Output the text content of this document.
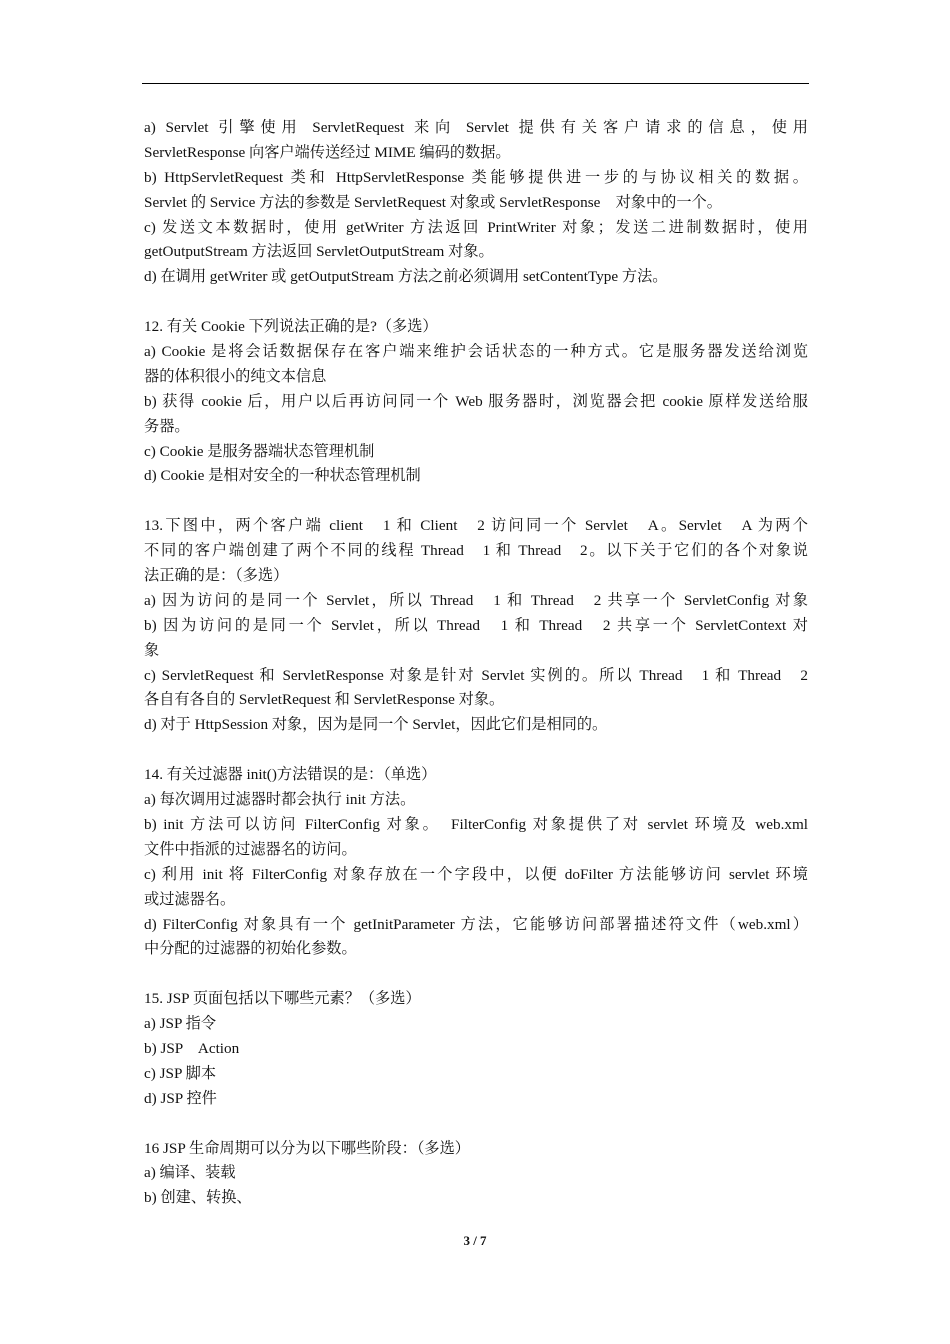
a) Servlet 引擎使用 ServletRequest 来向 Servlet 提供有关客户请求的信息，使用
ServletResponse 向客户端传送经过 MIME 编码的数据。
b) HttpServletRequest 类和 HttpServletResponse 类能够提供进一步的与协议相关的数据。
Servlet 的 Service 方法的参数是 ServletRequest 对象或 ServletResponse　对象中的一个。
c) 发送文本数据时，使用 getWriter 方法返回 PrintWriter 对象；发送二进制数据时，使用
getOutputStream 方法返回 ServletOutputStream 对象。
d) 在调用 getWriter 或 getOutputStream 方法之前必须调用 setContentType 方法。
12. 有关 Cookie 下列说法正确的是?（多选）
a) Cookie 是将会话数据保存在客户端来维护会话状态的一种方式。它是服务器发送给浏览
器的体积很小的纯文本信息
b) 获得 cookie 后，用户以后再访问同一个 Web 服务器时，浏览器会把 cookie 原样发送给服
务器。
c) Cookie 是服务器端状态管理机制
d) Cookie 是相对安全的一种状态管理机制
13.下图中，两个客户端 client　1 和 Client　2 访问同一个 Servlet　A。Servlet　A 为两个
不同的客户端创建了两个不同的线程 Thread　1 和 Thread　2。以下关于它们的各个对象说
法正确的是：（多选）
a) 因为访问的是同一个 Servlet，所以 Thread　1 和 Thread　2 共享一个 ServletConfig 对象
b) 因为访问的是同一个 Servlet，所以 Thread　1 和 Thread　2 共享一个 ServletContext 对
象
c) ServletRequest 和 ServletResponse 对象是针对 Servlet 实例的。所以 Thread　1 和 Thread　2
各自有各自的 ServletRequest 和 ServletResponse 对象。
d) 对于 HttpSession 对象，因为是同一个 Servlet，因此它们是相同的。
14. 有关过滤器 init()方法错误的是：（单选）
a) 每次调用过滤器时都会执行 init 方法。
b) init 方法可以访问 FilterConfig 对象。　FilterConfig 对象提供了对 servlet 环境及 web.xml
文件中指派的过滤器名的访问。
c) 利用 init 将 FilterConfig 对象存放在一个字段中，以便 doFilter 方法能够访问 servlet 环境
或过滤器名。
d) FilterConfig 对象具有一个 getInitParameter 方法，它能够访问部署描述符文件（web.xml）
中分配的过滤器的初始化参数。
15. JSP 页面包括以下哪些元素？（多选）
a) JSP 指令
b) JSP　Action
c) JSP 脚本
d) JSP 控件
16 JSP 生命周期可以分为以下哪些阶段：（多选）
a) 编译、装载
b) 创建、转换、
3 / 7
